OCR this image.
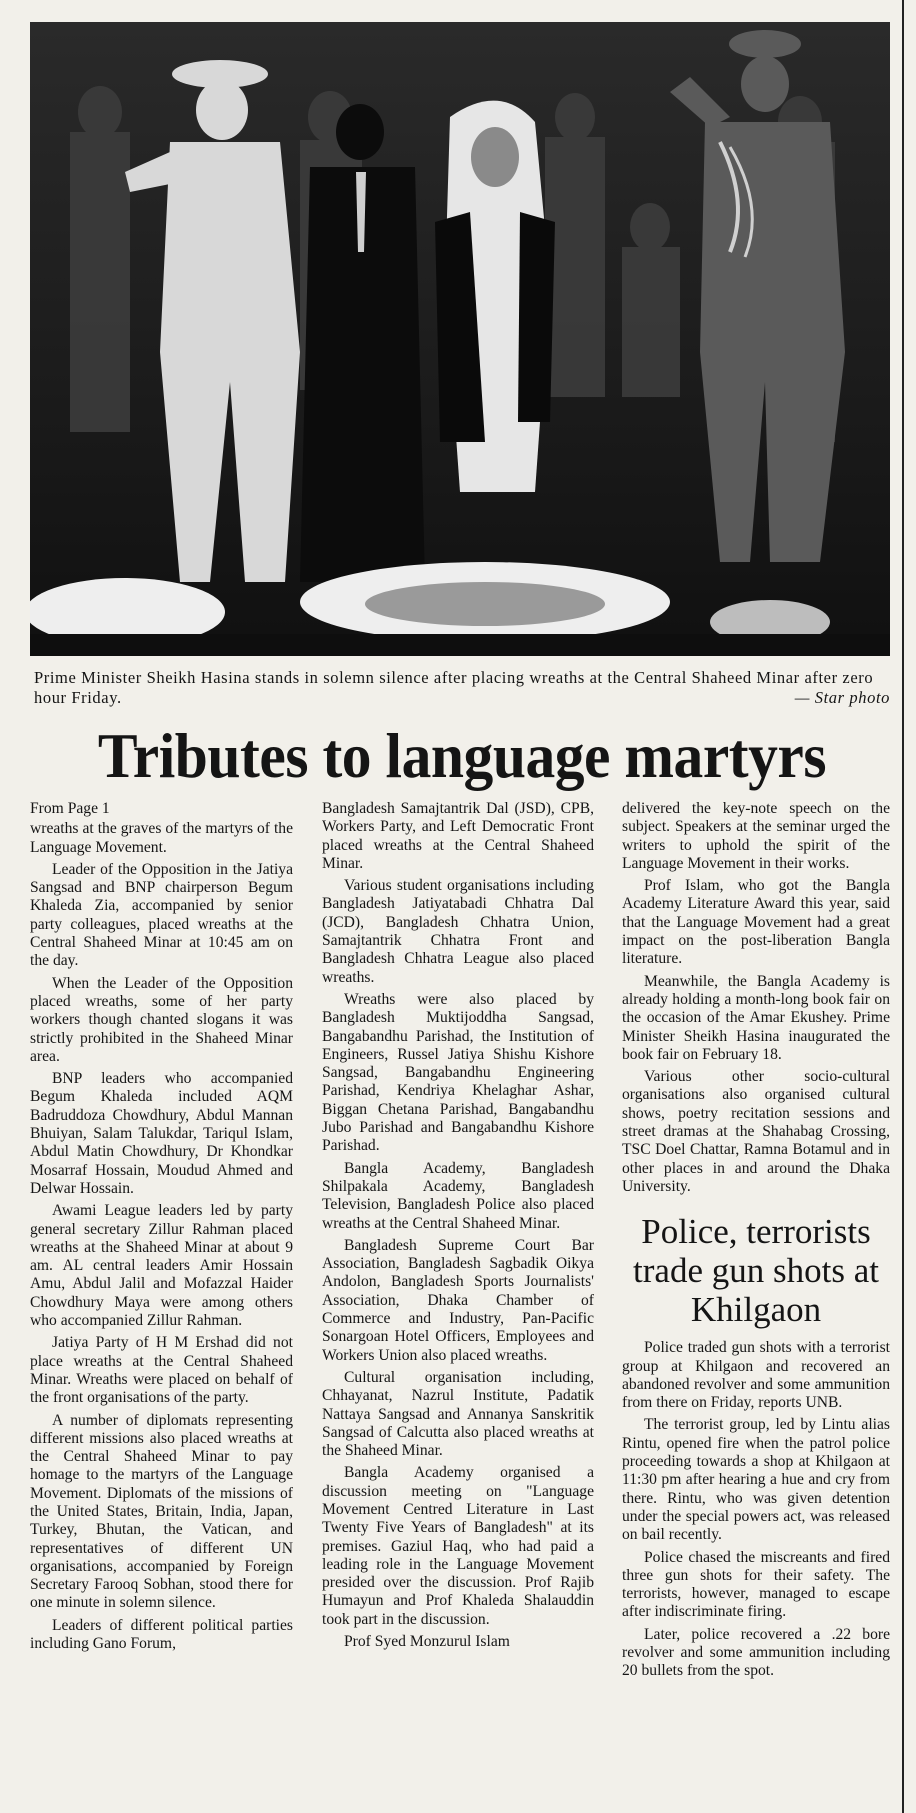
Prime Minister Sheikh Hasina stands in solemn silence after placing wreaths at the Central Shaheed Minar after zero hour Friday.	— Star photo
Tributes to language martyrs

From Page 1

wreaths at the graves of the martyrs of the Language Movement.

Leader of the Opposition in the Jatiya Sangsad and BNP chairperson Begum Khaleda Zia, accompanied by senior party colleagues, placed wreaths at the Central Shaheed Minar at 10:45 am on the day.

When the Leader of the Opposition placed wreaths, some of her party workers though chanted slogans it was strictly prohibited in the Shaheed Minar area.

BNP leaders who accompanied Begum Khaleda included AQM Badruddoza Chowdhury, Abdul Mannan Bhuiyan, Salam Talukdar, Tariqul Islam, Abdul Matin Chowdhury, Dr Khondkar Mosarraf Hossain, Moudud Ahmed and Delwar Hossain.

Awami League leaders led by party general secretary Zillur Rahman placed wreaths at the Shaheed Minar at about 9 am. AL central leaders Amir Hossain Amu, Abdul Jalil and Mofazzal Haider Chowdhury Maya were among others who accompanied Zillur Rahman.

Jatiya Party of H M Ershad did not place wreaths at the Central Shaheed Minar. Wreaths were placed on behalf of the front organisations of the party.

A number of diplomats representing different missions also placed wreaths at the Central Shaheed Minar to pay homage to the martyrs of the Language Movement. Diplomats of the missions of the United States, Britain, India, Japan, Turkey, Bhutan, the Vatican, and representatives of different UN organisations, accompanied by Foreign Secretary Farooq Sobhan, stood there for one minute in solemn silence.

Leaders of different political parties including Gano Forum,

Bangladesh Samajtantrik Dal (JSD), CPB, Workers Party, and Left Democratic Front placed wreaths at the Central Shaheed Minar.

Various student organisations including Bangladesh Jatiyatabadi Chhatra Dal (JCD), Bangladesh Chhatra Union, Samajtantrik Chhatra Front and Bangladesh Chhatra League also placed wreaths.

Wreaths were also placed by Bangladesh Muktijoddha Sangsad, Bangabandhu Parishad, the Institution of Engineers, Russel Jatiya Shishu Kishore Sangsad, Bangabandhu Engineering Parishad, Kendriya Khelaghar Ashar, Biggan Chetana Parishad, Bangabandhu Jubo Parishad and Bangabandhu Kishore Parishad.

Bangla Academy, Bangladesh Shilpakala Academy, Bangladesh Television, Bangladesh Police also placed wreaths at the Central Shaheed Minar.

Bangladesh Supreme Court Bar Association, Bangladesh Sagbadik Oikya Andolon, Bangladesh Sports Journalists' Association, Dhaka Chamber of Commerce and Industry, Pan-Pacific Sonargoan Hotel Officers, Employees and Workers Union also placed wreaths.

Cultural organisation including, Chhayanat, Nazrul Institute, Padatik Nattaya Sangsad and Annanya Sanskritik Sangsad of Calcutta also placed wreaths at the Shaheed Minar.

Bangla Academy organised a discussion meeting on "Language Movement Centred Literature in Last Twenty Five Years of Bangladesh" at its premises. Gaziul Haq, who had paid a leading role in the Language Movement presided over the discussion. Prof Rajib Humayun and Prof Khaleda Shalauddin took part in the discussion.

Prof Syed Monzurul Islam

delivered the key-note speech on the subject. Speakers at the seminar urged the writers to uphold the spirit of the Language Movement in their works.

Prof Islam, who got the Bangla Academy Literature Award this year, said that the Language Movement had a great impact on the post-liberation Bangla literature.

Meanwhile, the Bangla Academy is already holding a month-long book fair on the occasion of the Amar Ekushey. Prime Minister Sheikh Hasina inaugurated the book fair on February 18.

Various other socio-cultural organisations also organised cultural shows, poetry recitation sessions and street dramas at the Shahabag Crossing, TSC Doel Chattar, Ramna Botamul and in other places in and around the Dhaka University.

Police, terrorists trade gun shots at Khilgaon

Police traded gun shots with a terrorist group at Khilgaon and recovered an abandoned revolver and some ammunition from there on Friday, reports UNB.

The terrorist group, led by Lintu alias Rintu, opened fire when the patrol police proceeding towards a shop at Khilgaon at 11:30 pm after hearing a hue and cry from there. Rintu, who was given detention under the special powers act, was released on bail recently.

Police chased the miscreants and fired three gun shots for their safety. The terrorists, however, managed to escape after indiscriminate firing.

Later, police recovered a .22 bore revolver and some ammunition including 20 bullets from the spot.
